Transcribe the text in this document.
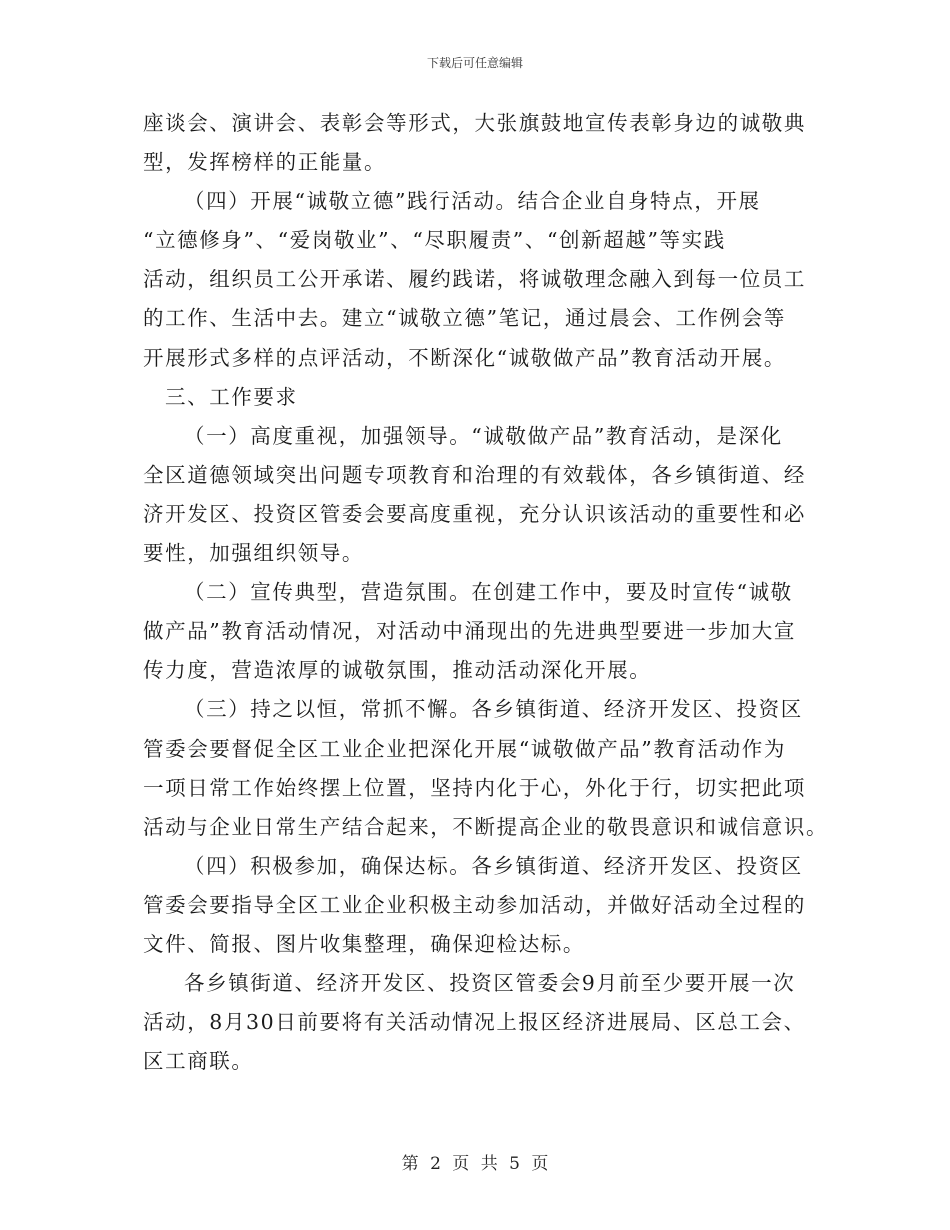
下载后可任意编辑
座谈会、演讲会、表彰会等形式，大张旗鼓地宣传表彰身边的诚敬典
型，发挥榜样的正能量。
（四）开展“诚敬立德”践行活动。结合企业自身特点，开展
“立德修身”、“爱岗敬业”、“尽职履责”、“创新超越”等实践
活动，组织员工公开承诺、履约践诺，将诚敬理念融入到每一位员工
的工作、生活中去。建立“诚敬立德”笔记，通过晨会、工作例会等
开展形式多样的点评活动，不断深化“诚敬做产品”教育活动开展。
三、工作要求
（一）高度重视，加强领导。“诚敬做产品”教育活动，是深化
全区道德领域突出问题专项教育和治理的有效载体，各乡镇街道、经
济开发区、投资区管委会要高度重视，充分认识该活动的重要性和必
要性，加强组织领导。
（二）宣传典型，营造氛围。在创建工作中，要及时宣传“诚敬
做产品”教育活动情况，对活动中涌现出的先进典型要进一步加大宣
传力度，营造浓厚的诚敬氛围，推动活动深化开展。
（三）持之以恒，常抓不懈。各乡镇街道、经济开发区、投资区
管委会要督促全区工业企业把深化开展“诚敬做产品”教育活动作为
一项日常工作始终摆上位置，坚持内化于心，外化于行，切实把此项
活动与企业日常生产结合起来，不断提高企业的敬畏意识和诚信意识。
（四）积极参加，确保达标。各乡镇街道、经济开发区、投资区
管委会要指导全区工业企业积极主动参加活动，并做好活动全过程的
文件、简报、图片收集整理，确保迎检达标。
各乡镇街道、经济开发区、投资区管委会9月前至少要开展一次
活动，8月30日前要将有关活动情况上报区经济进展局、区总工会、
区工商联。
第 2 页 共 5 页
